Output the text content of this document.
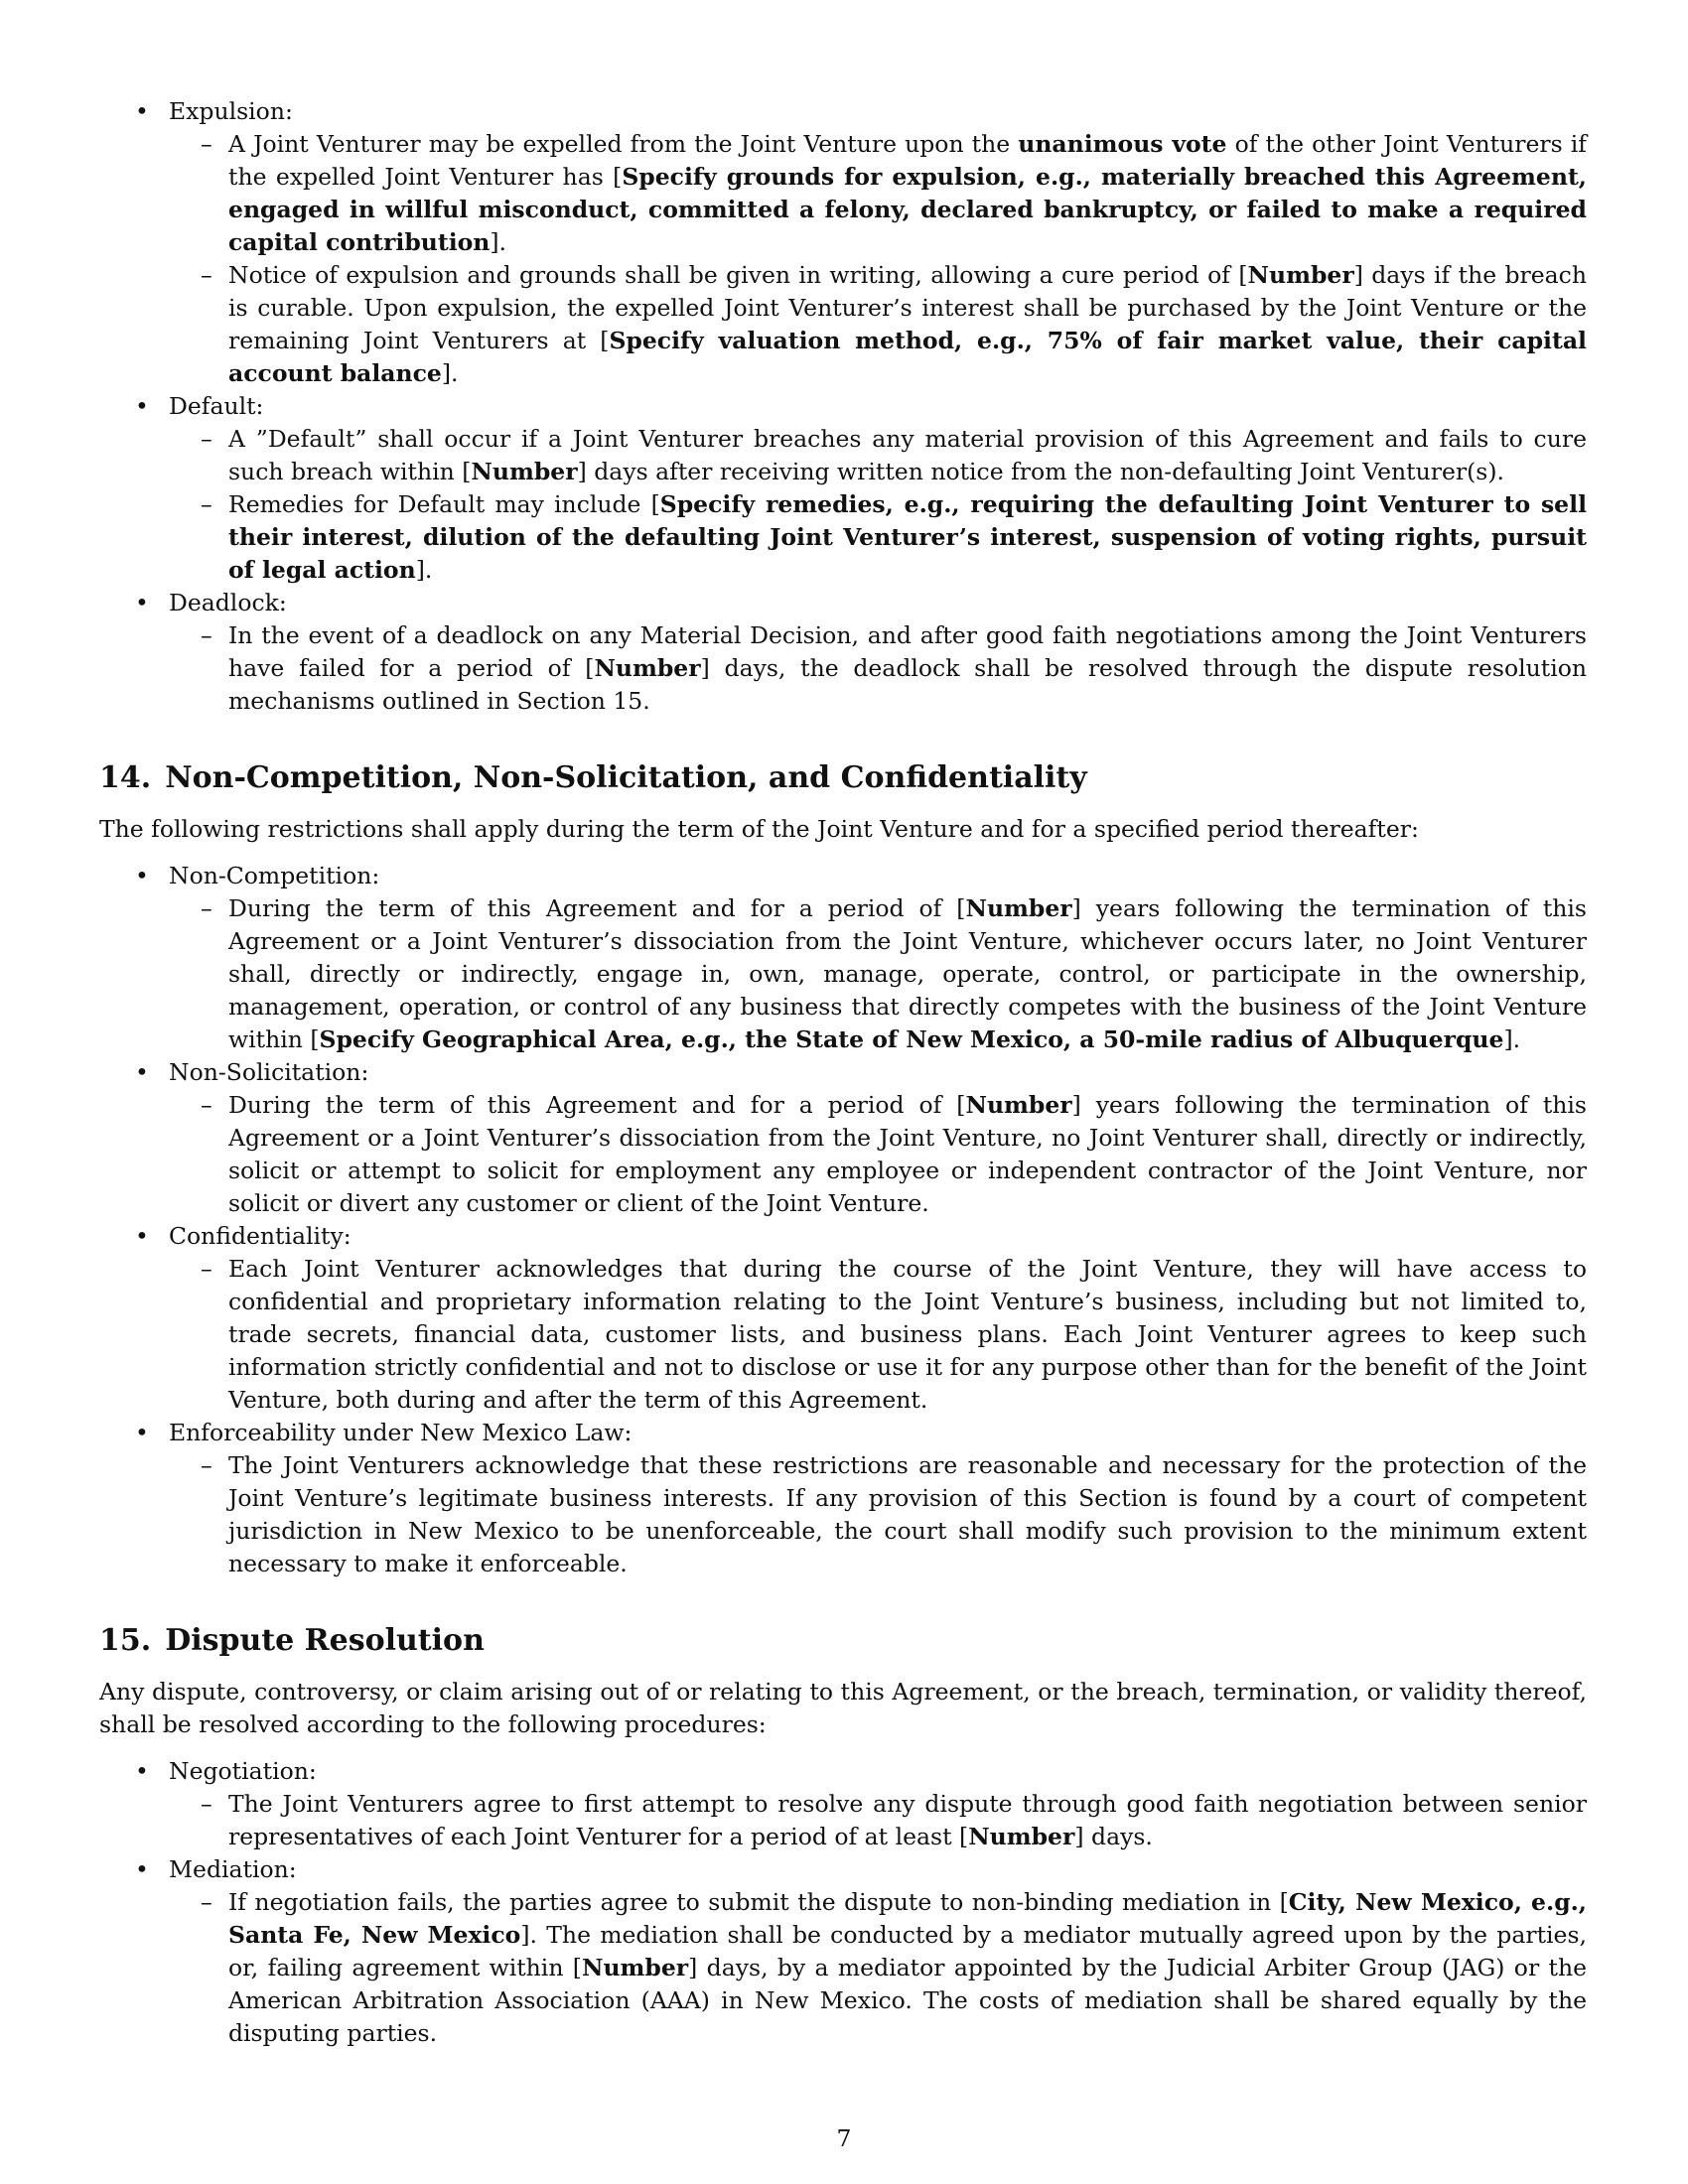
• Expulsion:
– A Joint Venturer may be expelled from the Joint Venture upon the unanimous vote of the other Joint Venturers if the expelled Joint Venturer has [Specify grounds for expulsion, e.g., materially breached this Agreement, engaged in willful misconduct, committed a felony, declared bankruptcy, or failed to make a required capital contribution].
– Notice of expulsion and grounds shall be given in writing, allowing a cure period of [Number] days if the breach is curable. Upon expulsion, the expelled Joint Venturer’s interest shall be purchased by the Joint Venture or the remaining Joint Venturers at [Specify valuation method, e.g., 75% of fair market value, their capital account balance].
• Default:
– A ”Default” shall occur if a Joint Venturer breaches any material provision of this Agreement and fails to cure such breach within [Number] days after receiving written notice from the non-defaulting Joint Venturer(s).
– Remedies for Default may include [Specify remedies, e.g., requiring the defaulting Joint Venturer to sell their interest, dilution of the defaulting Joint Venturer’s interest, suspension of voting rights, pursuit of legal action].
• Deadlock:
– In the event of a deadlock on any Material Decision, and after good faith negotiations among the Joint Venturers have failed for a period of [Number] days, the deadlock shall be resolved through the dispute resolution mechanisms outlined in Section 15.
14. Non-Competition, Non-Solicitation, and Confidentiality

The following restrictions shall apply during the term of the Joint Venture and for a specified period thereafter:

• Non-Competition:
– During the term of this Agreement and for a period of [Number] years following the termination of this Agreement or a Joint Venturer’s dissociation from the Joint Venture, whichever occurs later, no Joint Venturer shall, directly or indirectly, engage in, own, manage, operate, control, or participate in the ownership, management, operation, or control of any business that directly competes with the business of the Joint Venture within [Specify Geographical Area, e.g., the State of New Mexico, a 50-mile radius of Albuquerque].
• Non-Solicitation:
– During the term of this Agreement and for a period of [Number] years following the termination of this Agreement or a Joint Venturer’s dissociation from the Joint Venture, no Joint Venturer shall, directly or indirectly, solicit or attempt to solicit for employment any employee or independent contractor of the Joint Venture, nor solicit or divert any customer or client of the Joint Venture.
• Confidentiality:
– Each Joint Venturer acknowledges that during the course of the Joint Venture, they will have access to confidential and proprietary information relating to the Joint Venture’s business, including but not limited to, trade secrets, financial data, customer lists, and business plans. Each Joint Venturer agrees to keep such information strictly confidential and not to disclose or use it for any purpose other than for the benefit of the Joint Venture, both during and after the term of this Agreement.
• Enforceability under New Mexico Law:
– The Joint Venturers acknowledge that these restrictions are reasonable and necessary for the protection of the Joint Venture’s legitimate business interests. If any provision of this Section is found by a court of competent jurisdiction in New Mexico to be unenforceable, the court shall modify such provision to the minimum extent necessary to make it enforceable.
15. Dispute Resolution

Any dispute, controversy, or claim arising out of or relating to this Agreement, or the breach, termination, or validity thereof, shall be resolved according to the following procedures:

• Negotiation:
– The Joint Venturers agree to first attempt to resolve any dispute through good faith negotiation between senior representatives of each Joint Venturer for a period of at least [Number] days.
• Mediation:
– If negotiation fails, the parties agree to submit the dispute to non-binding mediation in [City, New Mexico, e.g., Santa Fe, New Mexico]. The mediation shall be conducted by a mediator mutually agreed upon by the parties, or, failing agreement within [Number] days, by a mediator appointed by the Judicial Arbiter Group (JAG) or the American Arbitration Association (AAA) in New Mexico. The costs of mediation shall be shared equally by the disputing parties.
7
